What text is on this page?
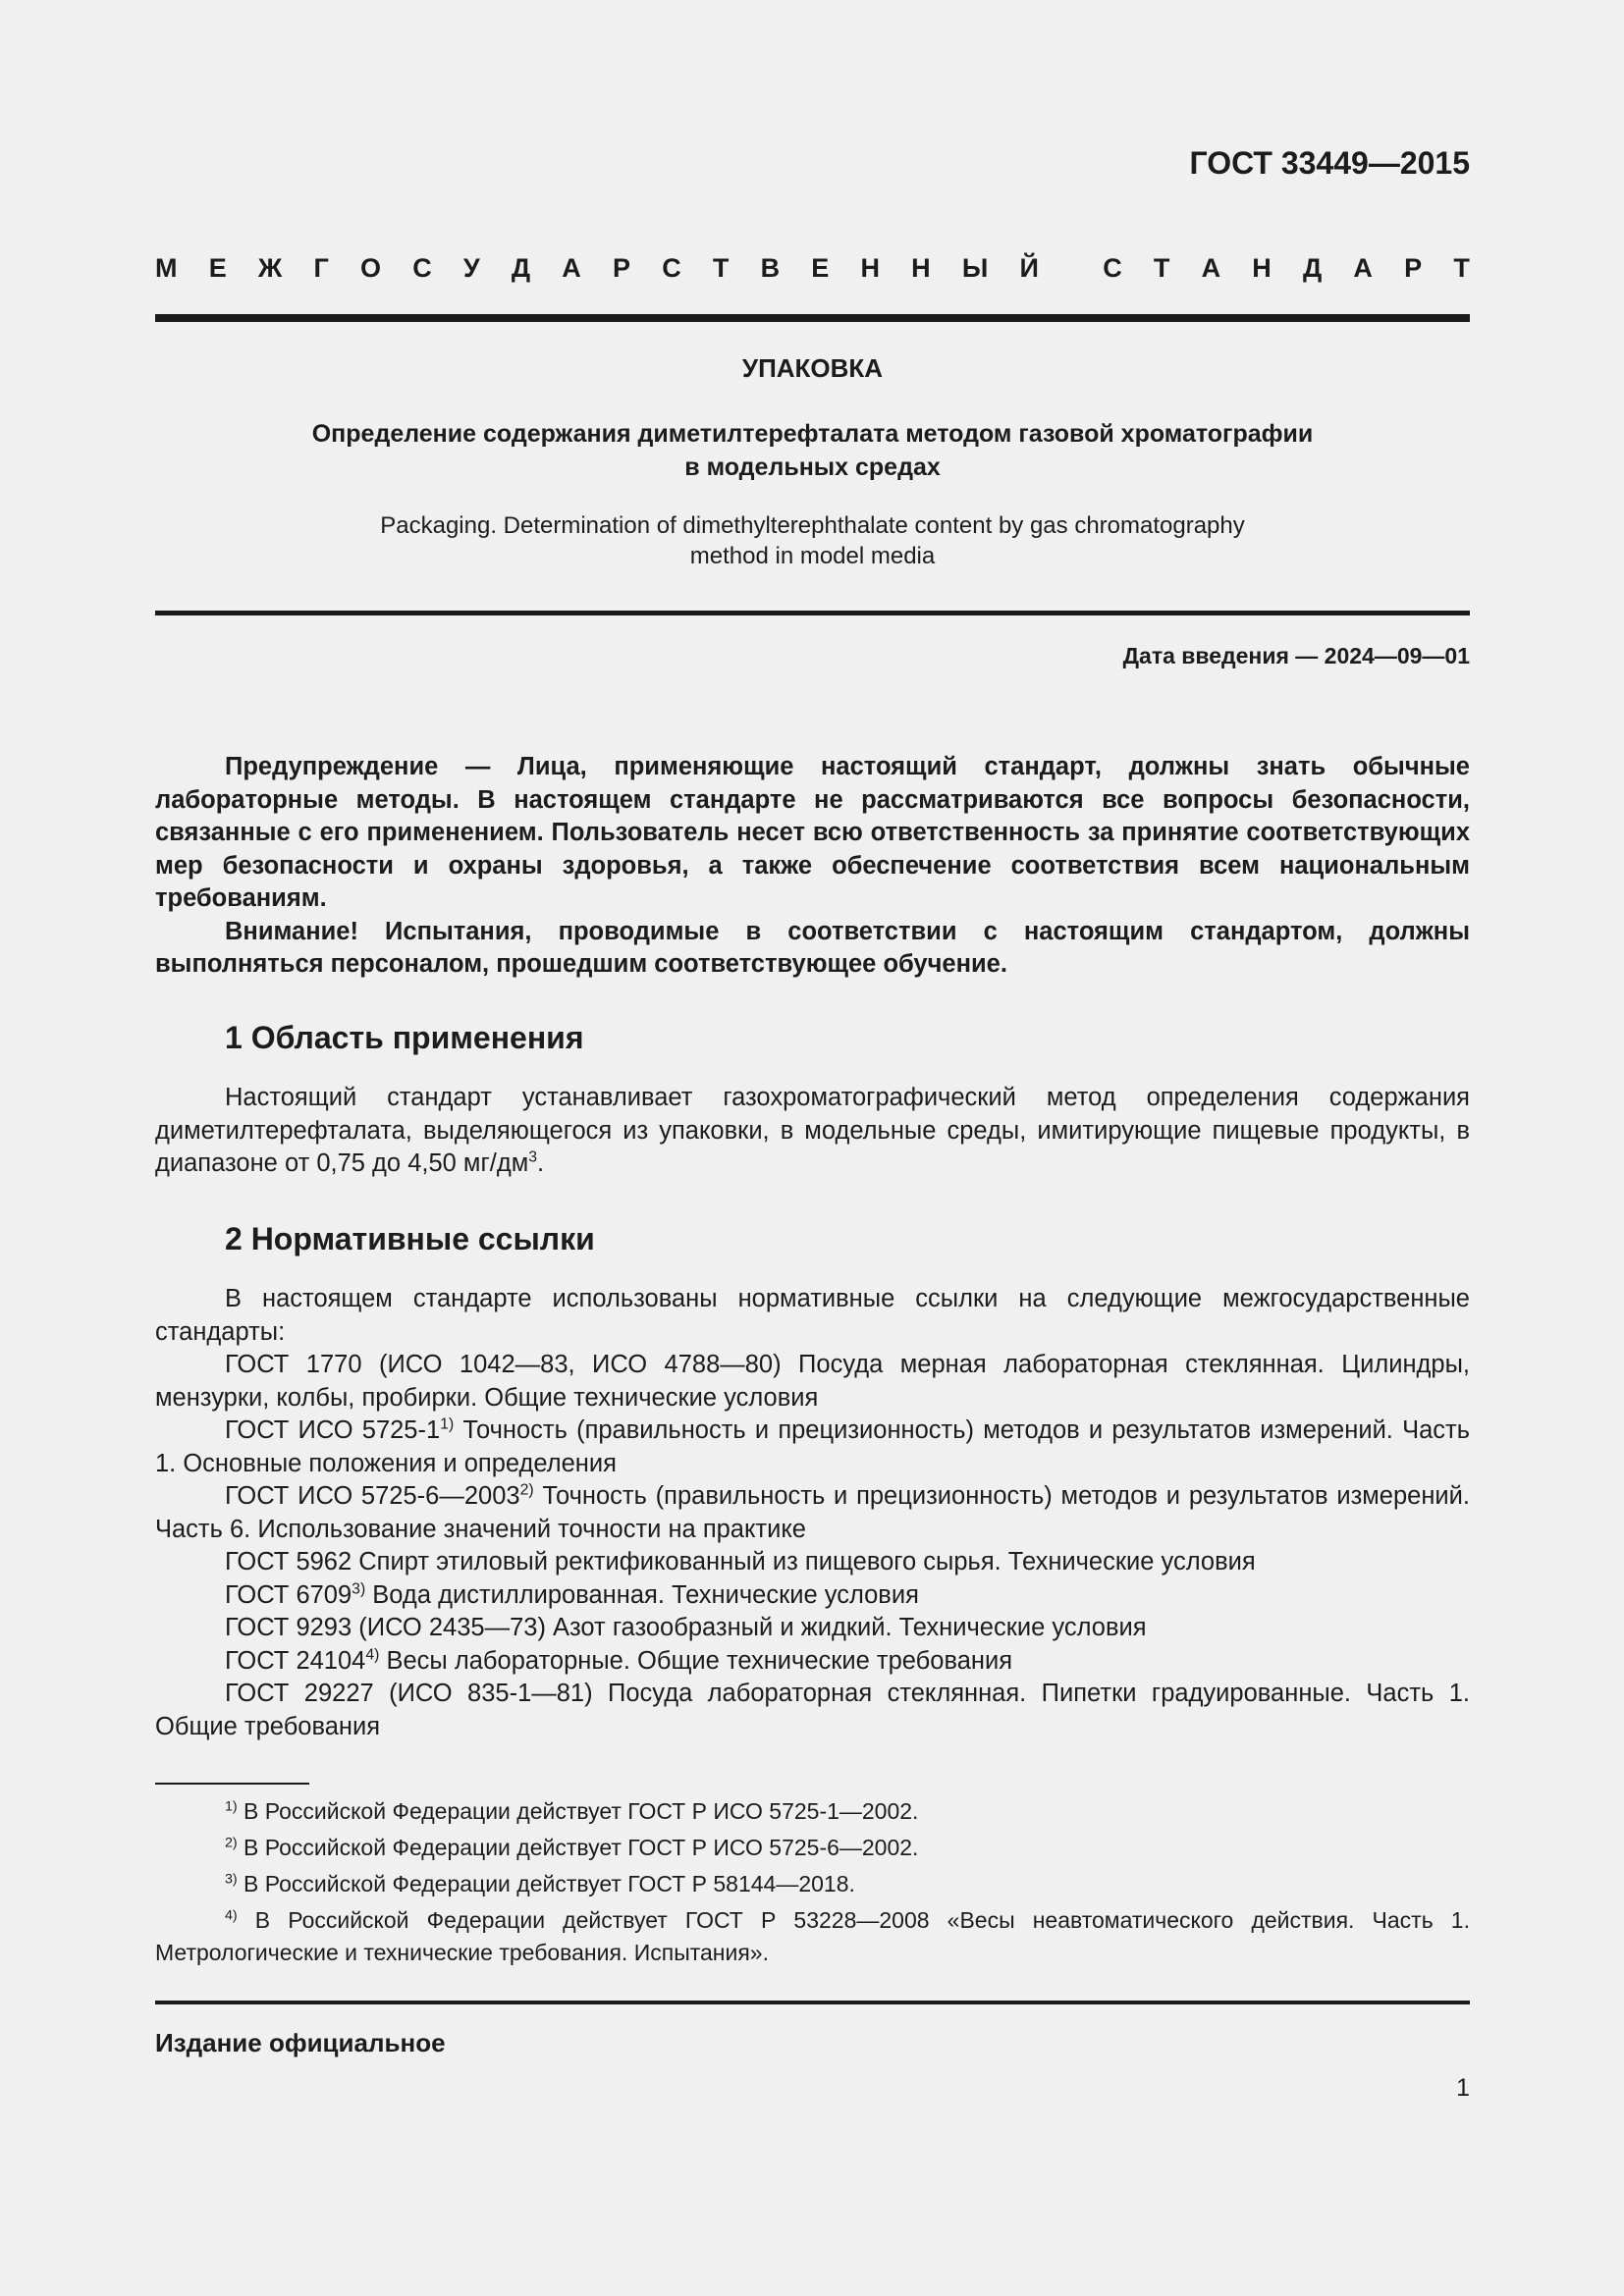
ГОСТ 33449—2015
М Е Ж Г О С У Д А Р С Т В Е Н Н Ы Й С Т А Н Д А Р Т
УПАКОВКА
Определение содержания диметилтерефталата методом газовой хроматографии
в модельных средах
Packaging. Determination of dimethylterephthalate content by gas chromatography
method in model media
Дата введения — 2024—09—01

Предупреждение — Лица, применяющие настоящий стандарт, должны знать обычные лабораторные методы. В настоящем стандарте не рассматриваются все вопросы безопасности, связанные с его применением. Пользователь несет всю ответственность за принятие соответствующих мер безопасности и охраны здоровья, а также обеспечение соответствия всем национальным требованиям.

Внимание! Испытания, проводимые в соответствии с настоящим стандартом, должны выполняться персоналом, прошедшим соответствующее обучение.

1 Область применения

Настоящий стандарт устанавливает газохроматографический метод определения содержания диметилтерефталата, выделяющегося из упаковки, в модельные среды, имитирующие пищевые продукты, в диапазоне от 0,75 до 4,50 $мг/дм^3$.

2 Нормативные ссылки

В настоящем стандарте использованы нормативные ссылки на следующие межгосударственные стандарты:

ГОСТ 1770 (ИСО 1042—83, ИСО 4788—80) Посуда мерная лабораторная стеклянная. Цилиндры, мензурки, колбы, пробирки. Общие технические условия

ГОСТ ИСО 5725-1$^{1)}$ Точность (правильность и прецизионность) методов и результатов измерений. Часть 1. Основные положения и определения

ГОСТ ИСО 5725-6—2003$^{2)}$ Точность (правильность и прецизионность) методов и результатов измерений. Часть 6. Использование значений точности на практике

ГОСТ 5962 Спирт этиловый ректификованный из пищевого сырья. Технические условия

ГОСТ 6709$^{3)}$ Вода дистиллированная. Технические условия

ГОСТ 9293 (ИСО 2435—73) Азот газообразный и жидкий. Технические условия

ГОСТ 24104$^{4)}$ Весы лабораторные. Общие технические требования

ГОСТ 29227 (ИСО 835-1—81) Посуда лабораторная стеклянная. Пипетки градуированные. Часть 1. Общие требования

$^{1)}$ В Российской Федерации действует ГОСТ Р ИСО 5725-1—2002.

$^{2)}$ В Российской Федерации действует ГОСТ Р ИСО 5725-6—2002.

$^{3)}$ В Российской Федерации действует ГОСТ Р 58144—2018.

$^{4)}$ В Российской Федерации действует ГОСТ Р 53228—2008 «Весы неавтоматического действия. Часть 1. Метрологические и технические требования. Испытания».

Издание официальное
1
